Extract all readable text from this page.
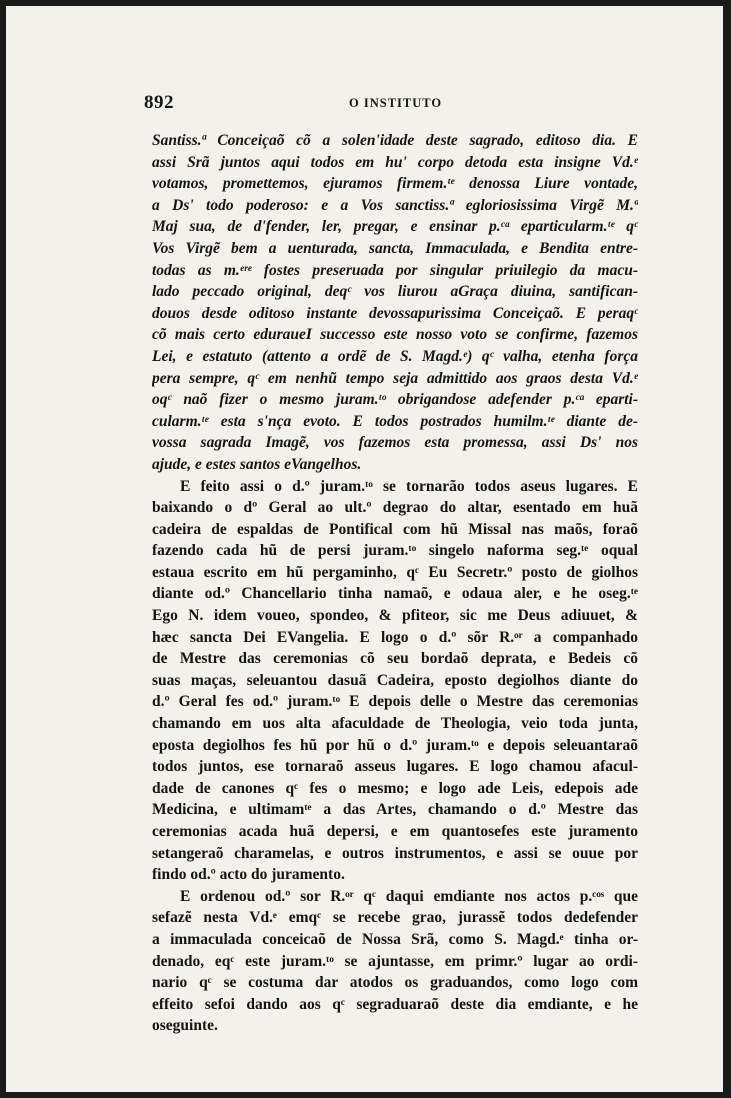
892	O INSTITUTO
Santiss.ª Conceiçaõ cõ a solen'idade deste sagrado, editoso dia. E
assi Srã juntos aqui todos em hu' corpo detoda esta insigne Vd.ᵉ
votamos, promettemos, ejuramos firmem.ᵗᵉ denossa Liure vontade,
a Ds' todo poderoso: e a Vos sanctiss.ª egloriosissima Virgẽ M.ª
Maj sua, de d'fender, ler, pregar, e ensinar p.ᶜᵃ eparticularm.ᵗᵉ qᶜ
Vos Virgẽ bem a uenturada, sancta, Immaculada, e Bendita entre-
todas as m.ᵉʳᵉ fostes preseruada por singular priuilegio da macu-
lado peccado original, deqᶜ vos liurou aGraça diuina, santifican-
douos desde oditoso instante devossapurissima Conceiçaõ. E peraqᶜ
cõ mais certo eduraueI successo este nosso voto se confirme, fazemos
Lei, e estatuto (attento a ordẽ de S. Magd.ᵉ) qᶜ valha, etenha força
pera sempre, qᶜ em nenhũ tempo seja admittido aos graos desta Vd.ᵉ
oqᶜ naõ fizer o mesmo juram.ᵗᵒ obrigandose adefender p.ᶜᵃ eparti-
cularm.ᵗᵉ esta s'nça evoto. E todos postrados humilm.ᵗᵉ diante de-
vossa sagrada Imagẽ, vos fazemos esta promessa, assi Ds' nos
ajude, e estes santos eVangelhos.
E feito assi o d.º juram.ᵗᵒ se tornarão todos aseus lugares. E
baixando o dº Geral ao ult.º degrao do altar, esentado em huã
cadeira de espaldas de Pontifical com hũ Missal nas maõs, foraõ
fazendo cada hũ de persi juram.ᵗᵒ singelo naforma seg.ᵗᵉ oqual
estaua escrito em hũ pergaminho, qᶜ Eu Secretr.º posto de giolhos
diante od.º Chancellario tinha namaõ, e odaua aler, e he oseg.ᵗᵉ
Ego N. idem voueo, spondeo, & pfiteor, sic me Deus adiuuet, &
hæc sancta Dei EVangelia. E logo o d.º sõr R.ᵒʳ a companhado
de Mestre das ceremonias cõ seu bordaõ deprata, e Bedeis cõ
suas maças, seleuantou dasuã Cadeira, eposto degiolhos diante do
d.º Geral fes od.º juram.ᵗᵒ E depois delle o Mestre das ceremonias
chamando em uos alta afaculdade de Theologia, veio toda junta,
eposta degiolhos fes hũ por hũ o d.º juram.ᵗᵒ e depois seleuantaraõ
todos juntos, ese tornaraõ asseus lugares. E logo chamou afacul-
dade de canones qᶜ fes o mesmo; e logo ade Leis, edepois ade
Medicina, e ultimamᵗᵉ a das Artes, chamando o d.º Mestre das
ceremonias acada huã depersi, e em quantosefes este juramento
setangeraõ charamelas, e outros instrumentos, e assi se ouue por
findo od.º acto do juramento.
E ordenou od.º sor R.ᵒʳ qᶜ daqui emdiante nos actos p.ᶜᵒˢ que
sefazẽ nesta Vd.ᵉ emqᶜ se recebe grao, jurassẽ todos dedefender
a immaculada conceicaõ de Nossa Srã, como S. Magd.ᵉ tinha or-
denado, eqᶜ este juram.ᵗᵒ se ajuntasse, em primr.º lugar ao ordi-
nario qᶜ se costuma dar atodos os graduandos, como logo com
effeito sefoi dando aos qᶜ segraduaraõ deste dia emdiante, e he
oseguinte.
